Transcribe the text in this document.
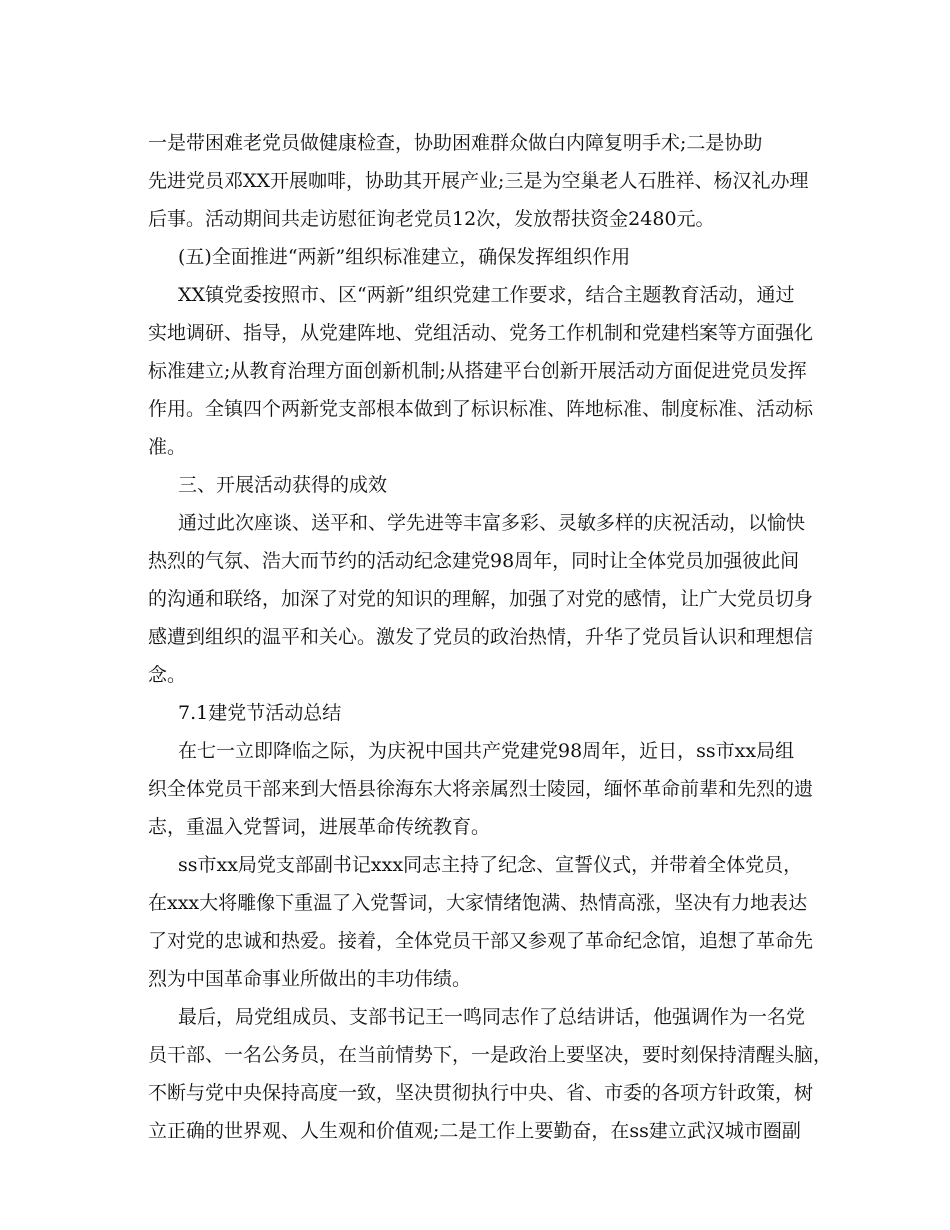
一是带困难老党员做健康检查，协助困难群众做白内障复明手术;二是协助
先进党员邓XX开展咖啡，协助其开展产业;三是为空巢老人石胜祥、杨汉礼办理
后事。活动期间共走访慰征询老党员12次，发放帮扶资金2480元。
(五)全面推进“两新”组织标准建立，确保发挥组织作用
XX镇党委按照市、区“两新”组织党建工作要求，结合主题教育活动，通过
实地调研、指导，从党建阵地、党组活动、党务工作机制和党建档案等方面强化
标准建立;从教育治理方面创新机制;从搭建平台创新开展活动方面促进党员发挥
作用。全镇四个两新党支部根本做到了标识标准、阵地标准、制度标准、活动标
准。
三、开展活动获得的成效
通过此次座谈、送平和、学先进等丰富多彩、灵敏多样的庆祝活动，以愉快
热烈的气氛、浩大而节约的活动纪念建党98周年，同时让全体党员加强彼此间
的沟通和联络，加深了对党的知识的理解，加强了对党的感情，让广大党员切身
感遭到组织的温平和关心。激发了党员的政治热情，升华了党员旨认识和理想信
念。
7.1建党节活动总结
在七一立即降临之际，为庆祝中国共产党建党98周年，近日，ss市xx局组
织全体党员干部来到大悟县徐海东大将亲属烈士陵园，缅怀革命前辈和先烈的遗
志，重温入党誓词，进展革命传统教育。
ss市xx局党支部副书记xxx同志主持了纪念、宣誓仪式，并带着全体党员，
在xxx大将雕像下重温了入党誓词，大家情绪饱满、热情高涨，坚决有力地表达
了对党的忠诚和热爱。接着，全体党员干部又参观了革命纪念馆，追想了革命先
烈为中国革命事业所做出的丰功伟绩。
最后，局党组成员、支部书记王一鸣同志作了总结讲话，他强调作为一名党
员干部、一名公务员，在当前情势下，一是政治上要坚决，要时刻保持清醒头脑，
不断与党中央保持高度一致，坚决贯彻执行中央、省、市委的各项方针政策，树
立正确的世界观、人生观和价值观;二是工作上要勤奋，在ss建立武汉城市圈副
